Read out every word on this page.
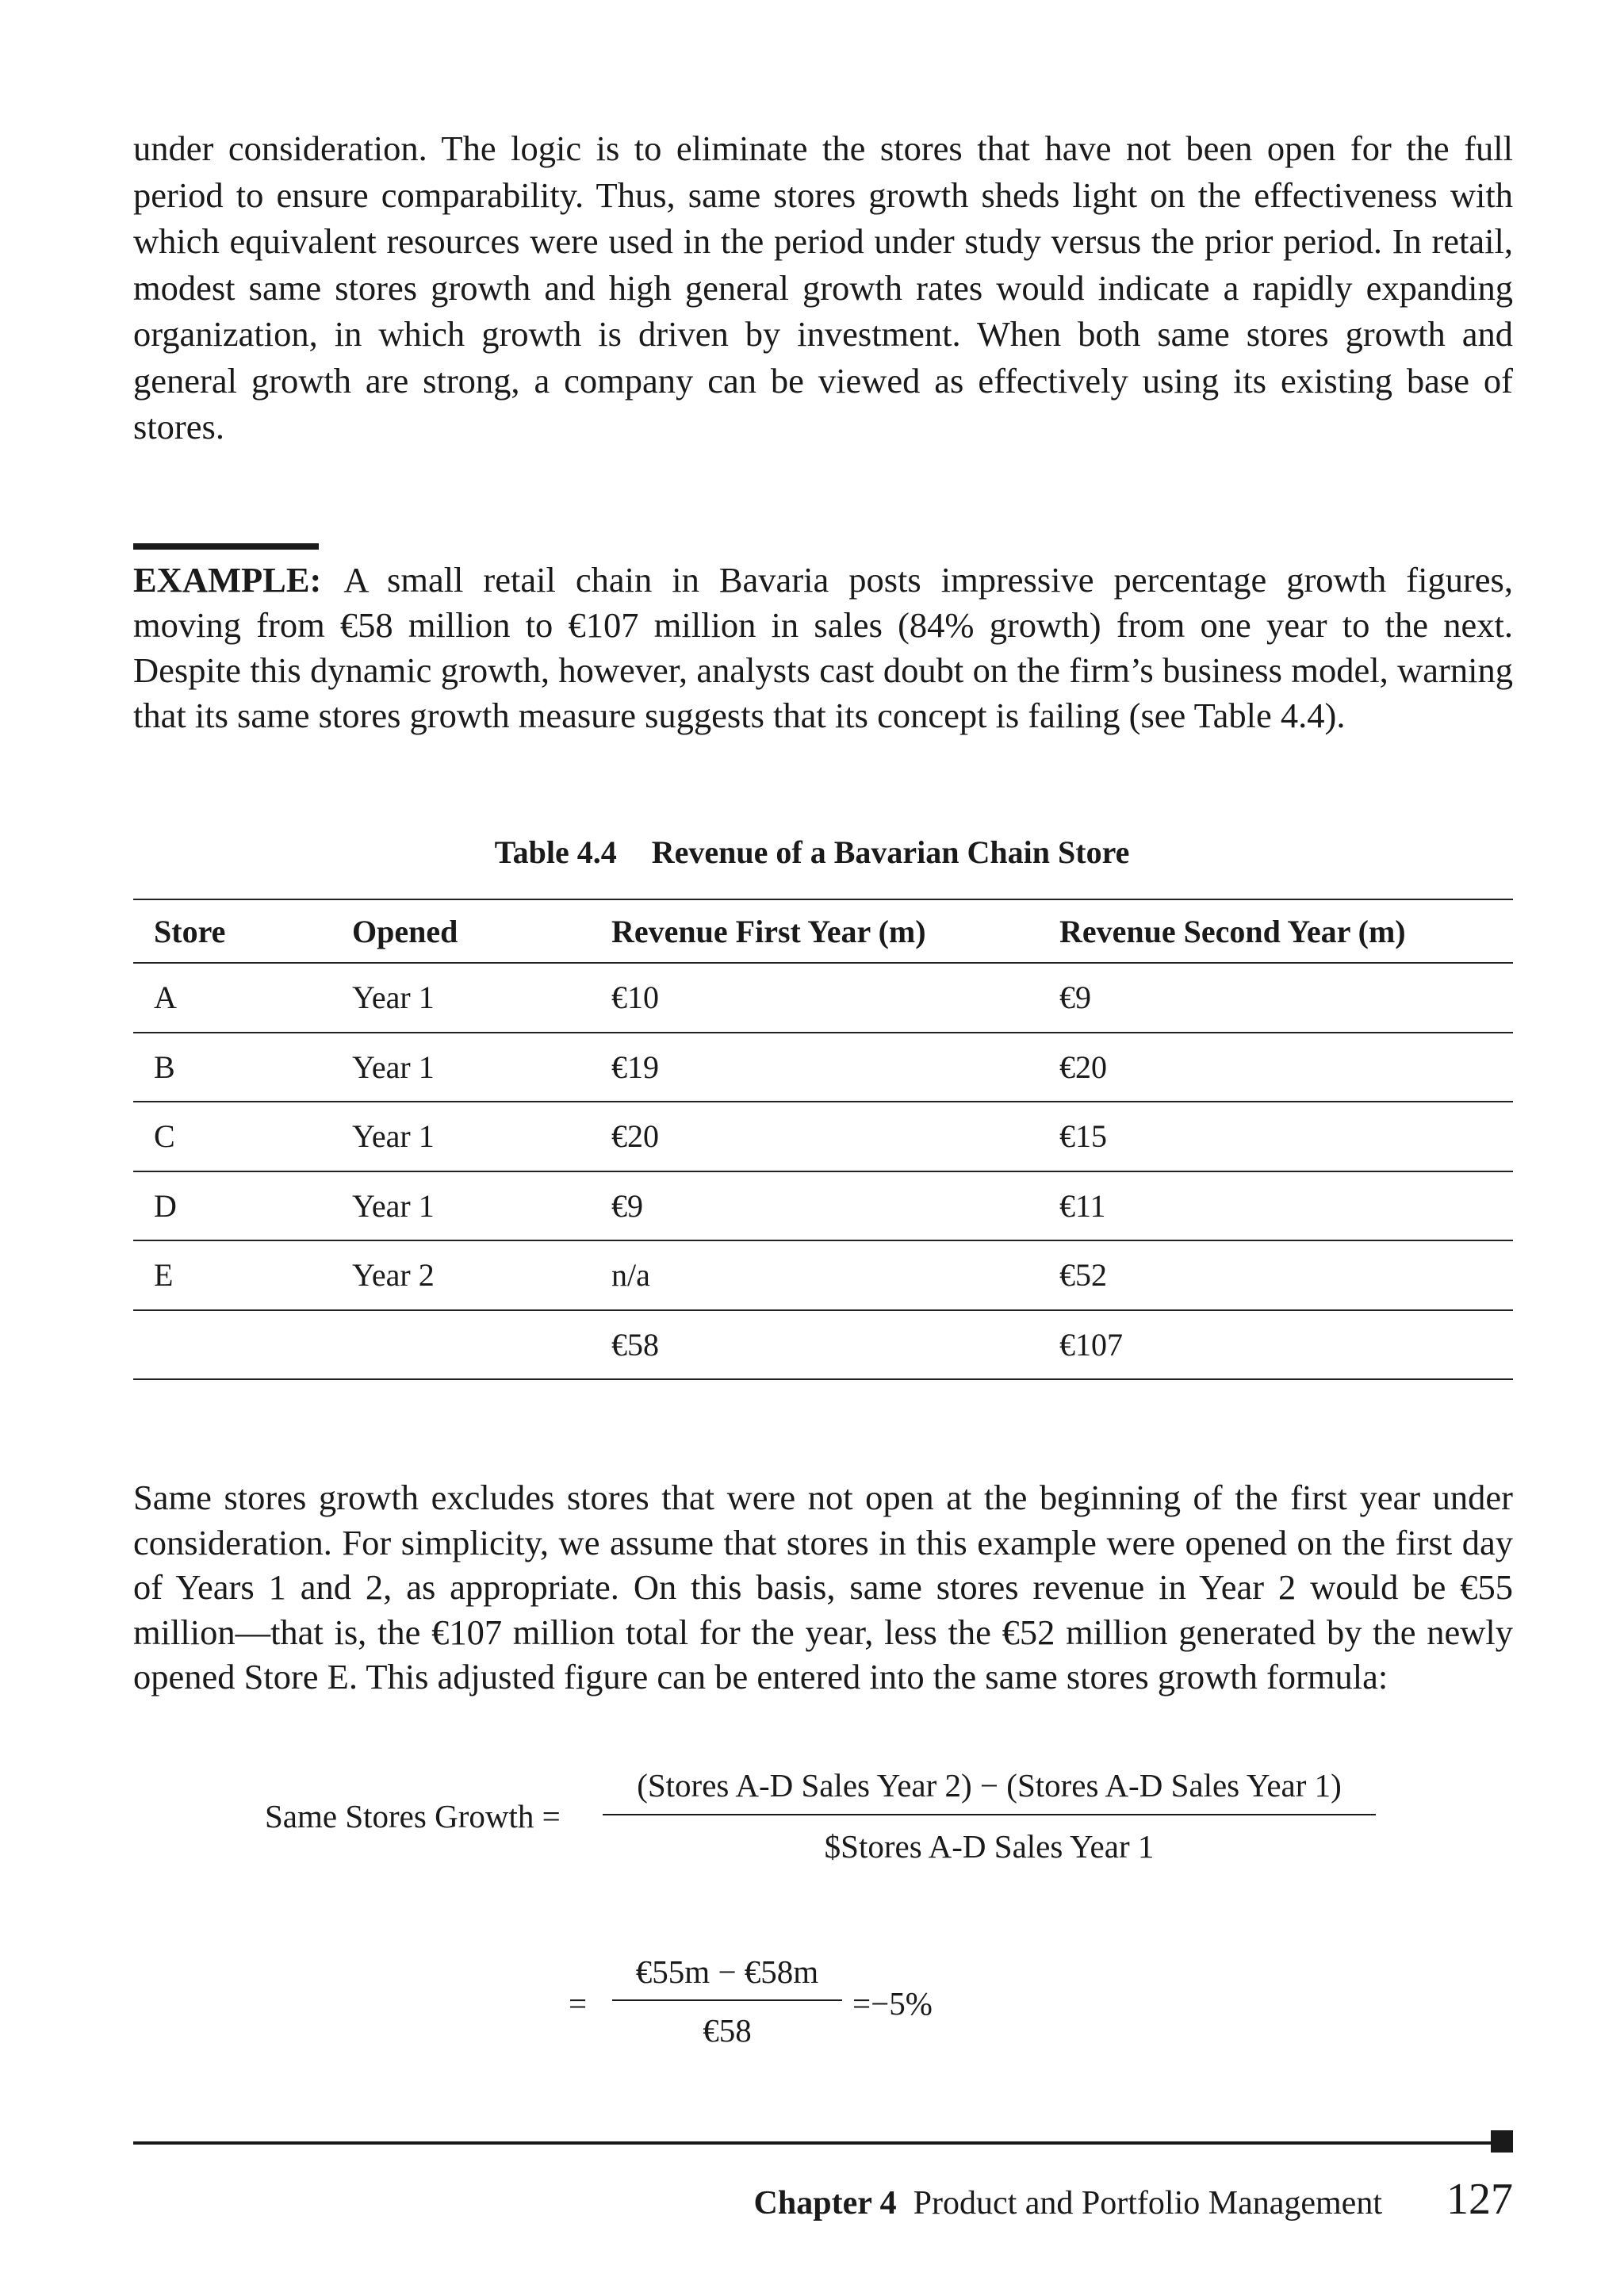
under consideration. The logic is to eliminate the stores that have not been open for the full period to ensure comparability. Thus, same stores growth sheds light on the effectiveness with which equivalent resources were used in the period under study versus the prior period. In retail, modest same stores growth and high general growth rates would indicate a rapidly expanding organization, in which growth is driven by investment. When both same stores growth and general growth are strong, a company can be viewed as effectively using its existing base of stores.

EXAMPLE: A small retail chain in Bavaria posts impressive percentage growth figures, moving from €58 million to €107 million in sales (84% growth) from one year to the next. Despite this dynamic growth, however, analysts cast doubt on the firm’s business model, warning that its same stores growth measure suggests that its concept is failing (see Table 4.4).

Table 4.4 Revenue of a Bavarian Chain Store
Store	Opened	Revenue First Year (m)	Revenue Second Year (m)
A	Year 1	€10	€9
B	Year 1	€19	€20
C	Year 1	€20	€15
D	Year 1	€9	€11
E	Year 2	n/a	€52
		€58	€107

Same stores growth excludes stores that were not open at the beginning of the first year under consideration. For simplicity, we assume that stores in this example were opened on the first day of Years 1 and 2, as appropriate. On this basis, same stores revenue in Year 2 would be €55 million—that is, the €107 million total for the year, less the €52 million generated by the newly opened Store E. This adjusted figure can be entered into the same stores growth formula:

Same Stores Growth =
(Stores A-D Sales Year 2) − (Stores A-D Sales Year 1)
$Stores A-D Sales Year 1
=
€55m − €58m
€58
=−5%
Chapter 4 Product and Portfolio Management 127
